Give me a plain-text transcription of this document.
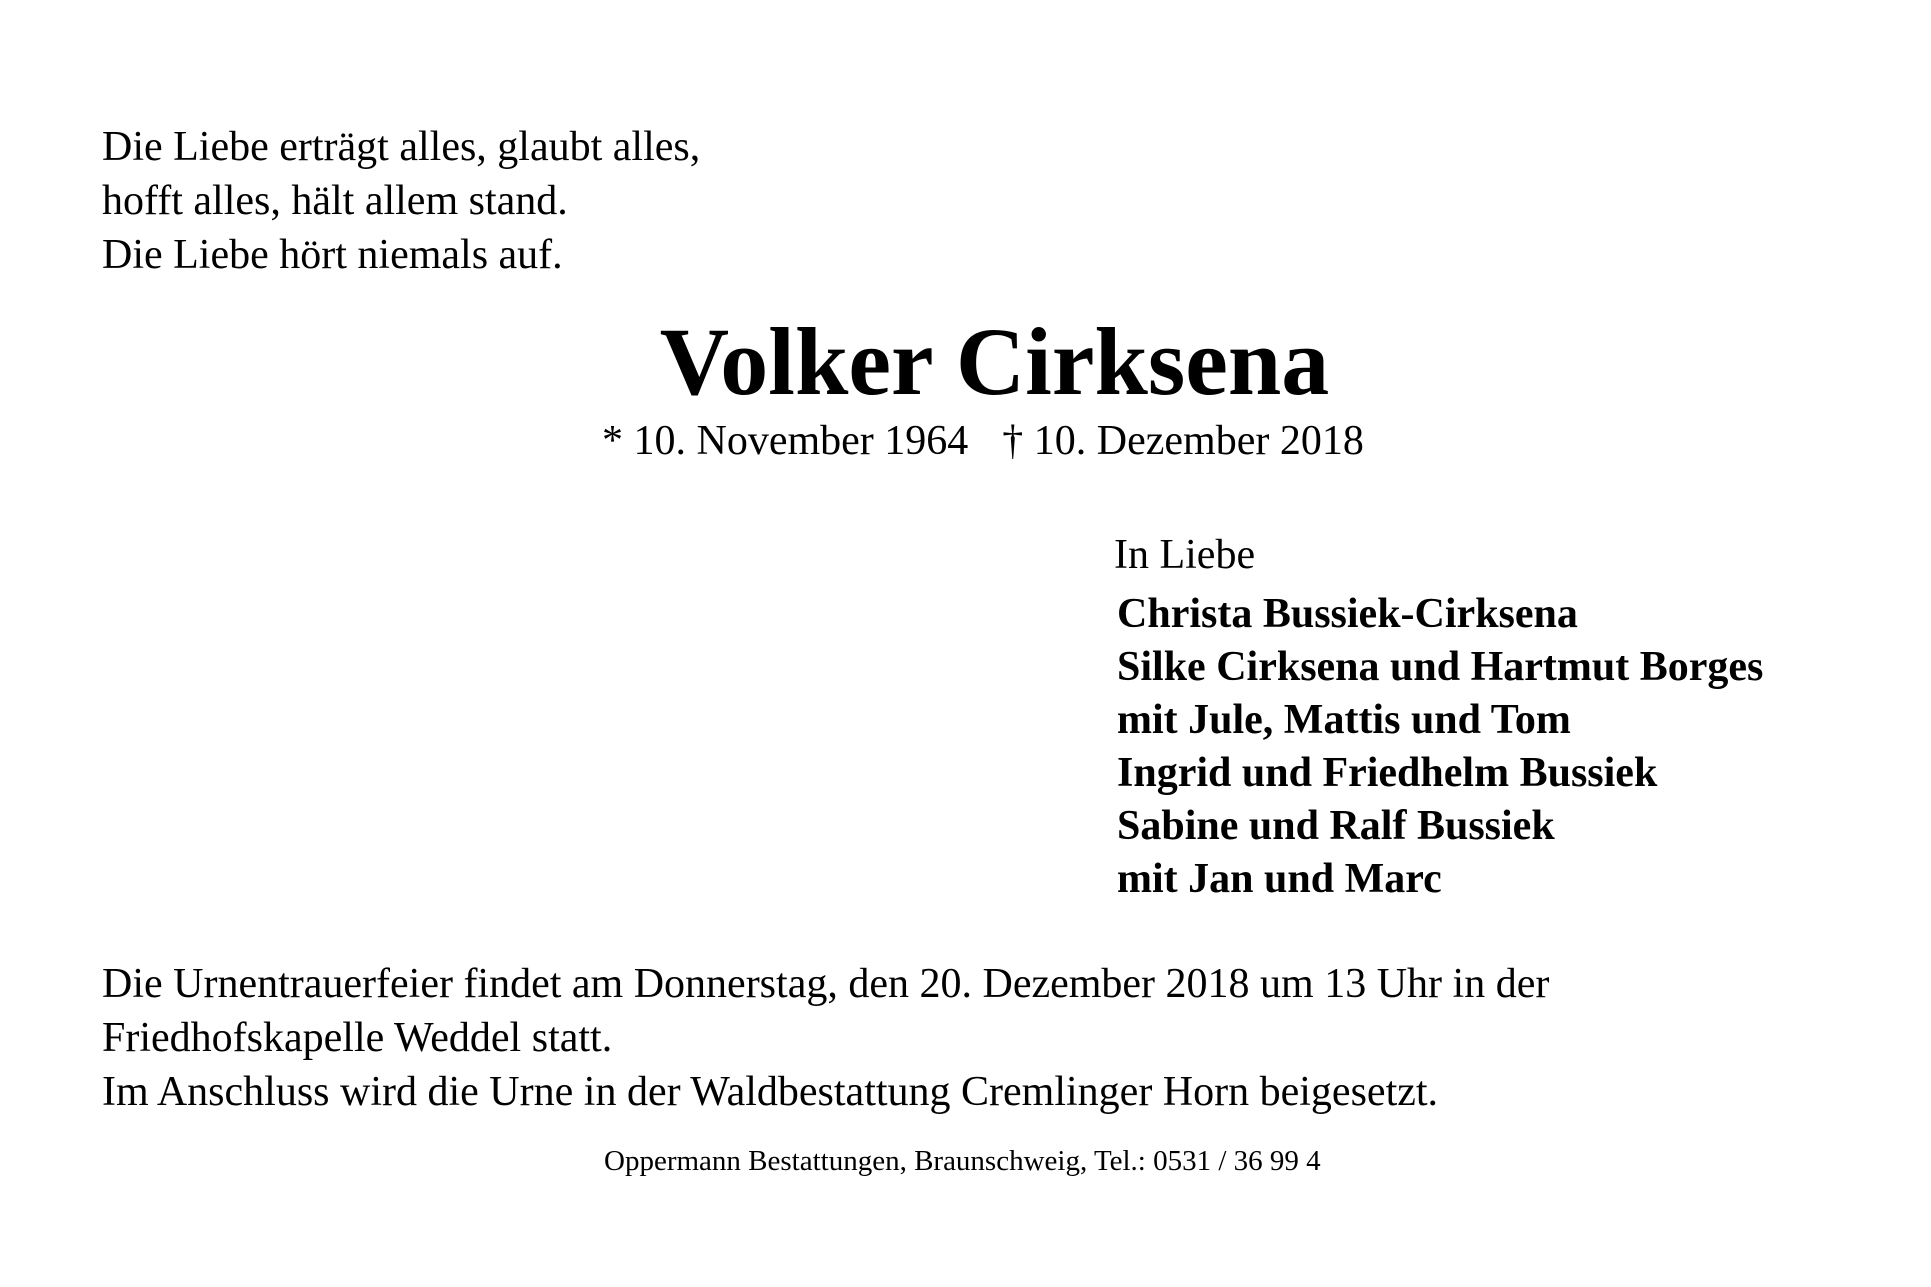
Die Liebe erträgt alles, glaubt alles,
hofft alles, hält allem stand.
Die Liebe hört niemals auf.

Volker Cirksena
* 10. November 1964 † 10. Dezember 2018

In Liebe

Christa Bussiek-Cirksena
Silke Cirksena und Hartmut Borges
mit Jule, Mattis und Tom
Ingrid und Friedhelm Bussiek
Sabine und Ralf Bussiek
mit Jan und Marc

Die Urnentrauerfeier findet am Donnerstag, den 20. Dezember 2018 um 13 Uhr in der
Friedhofskapelle Weddel statt.
Im Anschluss wird die Urne in der Waldbestattung Cremlinger Horn beigesetzt.

Oppermann Bestattungen, Braunschweig, Tel.: 0531 / 36 99 4
